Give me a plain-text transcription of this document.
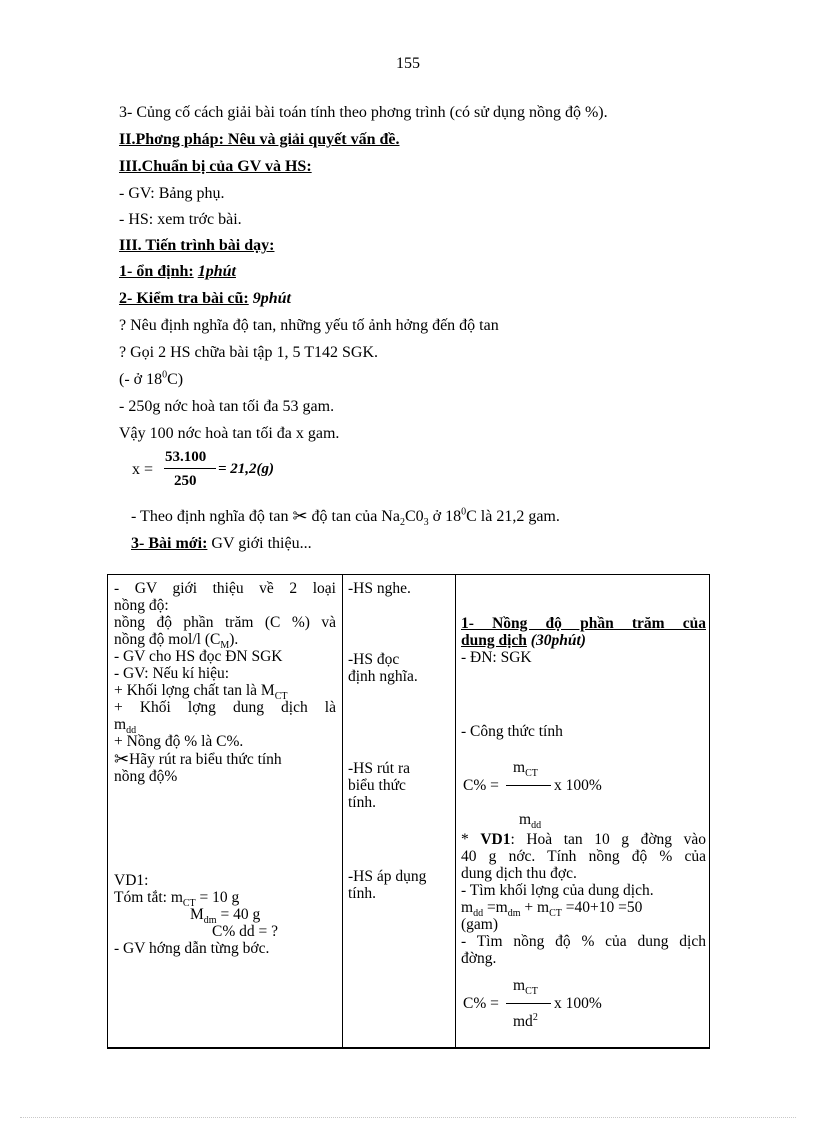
155
3- Củng cố cách giải bài toán tính theo phơng trình (có sử dụng nồng độ %).
II.Phơng pháp: Nêu và giải quyết vấn đề.
III.Chuẩn bị của GV và HS:
- GV: Bảng phụ.
- HS: xem trớc bài.
III. Tiến trình bài dạy:
1- ổn định: 1phút
2- Kiểm tra bài cũ: 9phút
? Nêu định nghĩa độ tan, những yếu tố ảnh hởng đến độ tan
? Gọi 2 HS chữa bài tập 1, 5 T142 SGK.
(- ở $18^0C$)
- 250g nớc hoà tan tối đa 53 gam.
Vậy 100 nớc hoà tan tối đa x gam.
x =
53.100
250
= 21,2(g)
- Theo định nghĩa độ tan ✂ độ tan của $Na_2C0_3$ ở $18^0C$ là 21,2 gam.
3- Bài mới: GV giới thiệu...
- GV giới thiệu về 2 loại
nồng độ:
nồng độ phần trăm (C %) và
nồng độ mol/l $(C_M)$.
- GV cho HS đọc ĐN SGK
- GV: Nếu kí hiệu:
+ Khối lợng chất tan là $M_{CT}$
+ Khối lợng dung dịch là
$m_{dd}$
+ Nồng độ % là C%.
✂Hãy rút ra biểu thức tính
nồng độ%
VD1:
Tóm tắt: $m_{CT} = 10$ g
$M_{dm} = 40$ g
C% dd = ?
- GV hớng dẫn từng bớc.
-HS nghe.
-HS đọc
định nghĩa.
-HS rút ra
biểu thức
tính.
-HS áp dụng
tính.
1- Nồng độ phần trăm của
dung dịch (30phút)
- ĐN: SGK
- Công thức tính
$m_{CT}$
C% =	x 100%
$m_{dd}$
* VD1: Hoà tan 10 g đờng vào
40 g nớc. Tính nồng độ % của
dung dịch thu đợc.
- Tìm khối lợng của dung dịch.
$m_{dd} =m_{dm} + m_{CT} =40+10 =50$
(gam)
- Tìm nồng độ % của dung dịch
đờng.
$m_{CT}$
C% =	x 100%
$md^2$
